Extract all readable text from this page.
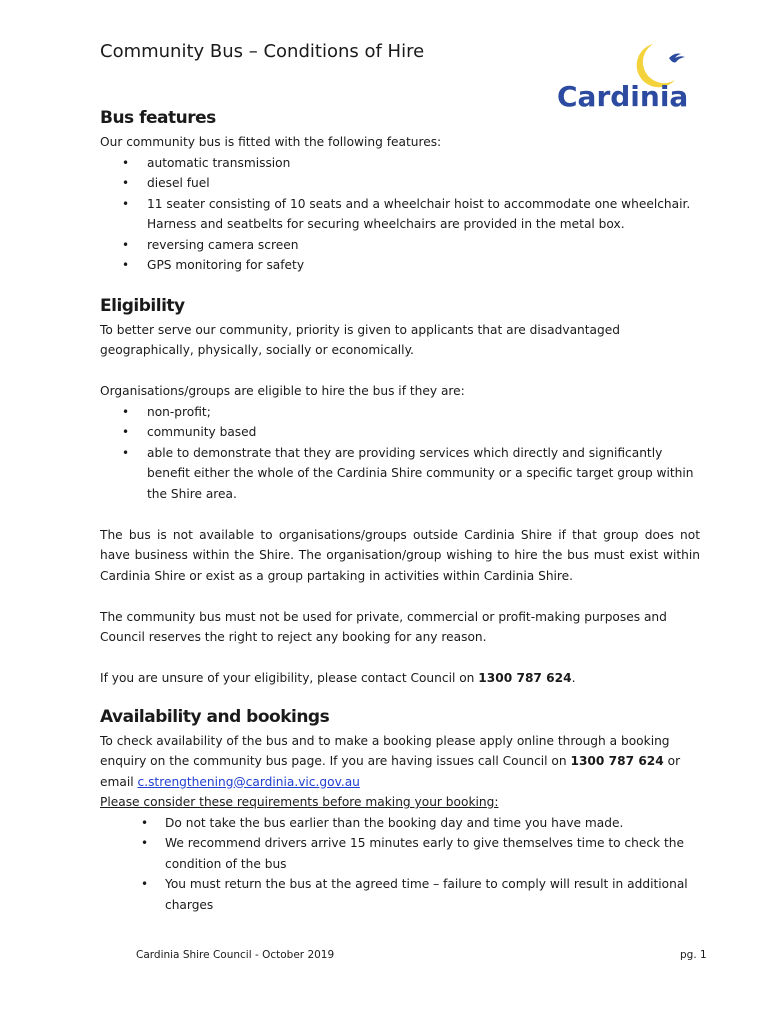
Community Bus – Conditions of Hire
Cardinia
Bus features

Our community bus is fitted with the following features:

• automatic transmission
• diesel fuel
• 11 seater consisting of 10 seats and a wheelchair hoist to accommodate one wheelchair. Harness and seatbelts for securing wheelchairs are provided in the metal box.
• reversing camera screen
• GPS monitoring for safety
Eligibility

To better serve our community, priority is given to applicants that are disadvantaged geographically, physically, socially or economically.

Organisations/groups are eligible to hire the bus if they are:

• non-profit;
• community based
• able to demonstrate that they are providing services which directly and significantly benefit either the whole of the Cardinia Shire community or a specific target group within the Shire area.

The bus is not available to organisations/groups outside Cardinia Shire if that group does not have business within the Shire. The organisation/group wishing to hire the bus must exist within Cardinia Shire or exist as a group partaking in activities within Cardinia Shire.

The community bus must not be used for private, commercial or profit-making purposes and Council reserves the right to reject any booking for any reason.

If you are unsure of your eligibility, please contact Council on 1300 787 624.

Availability and bookings

To check availability of the bus and to make a booking please apply online through a booking enquiry on the community bus page. If you are having issues call Council on 1300 787 624 or email c.strengthening@cardinia.vic.gov.au

Please consider these requirements before making your booking:

• Do not take the bus earlier than the booking day and time you have made.
• We recommend drivers arrive 15 minutes early to give themselves time to check the condition of the bus
• You must return the bus at the agreed time – failure to comply will result in additional charges
Cardinia Shire Council - October 2019	pg. 1
